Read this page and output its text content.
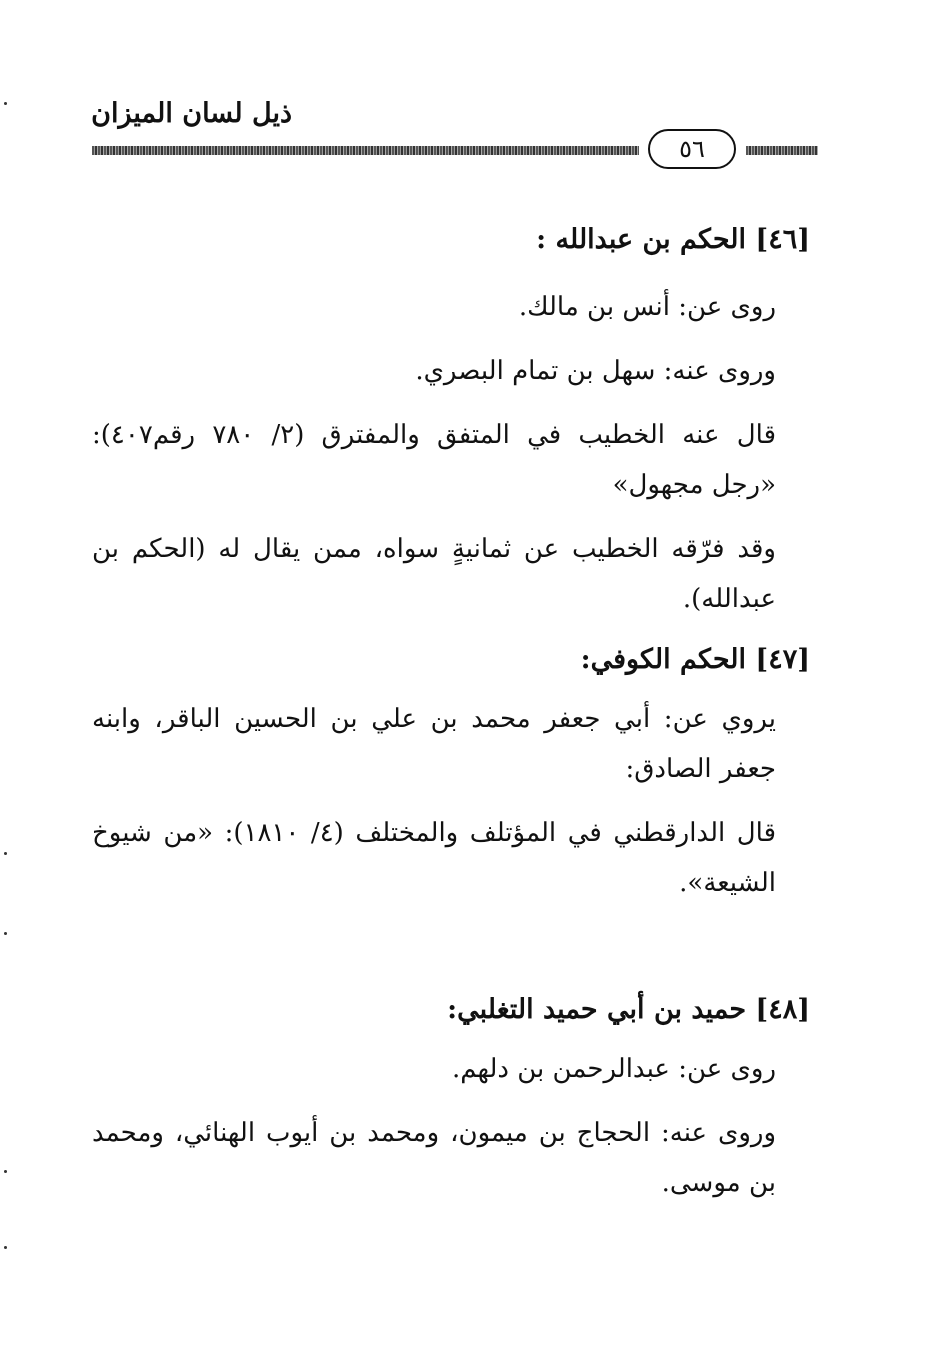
ذيل لسان الميزان
٥٦
[٤٦] الحكم بن عبدالله :
روى عن: أنس بن مالك.
وروى عنه: سهل بن تمام البصري.
قال عنه الخطيب في المتفق والمفترق (٢/ ٧٨٠ رقم٤٠٧): «رجل مجهول»
وقد فرّقه الخطيب عن ثمانيةٍ سواه، ممن يقال له (الحكم بن عبدالله).
[٤٧] الحكم الكوفي:
يروي عن: أبي جعفر محمد بن علي بن الحسين الباقر، وابنه جعفر الصادق:
قال الدارقطني في المؤتلف والمختلف (٤/ ١٨١٠): «من شيوخ الشيعة».
[٤٨] حميد بن أبي حميد التغلبي:
روى عن: عبدالرحمن بن دلهم.
وروى عنه: الحجاج بن ميمون، ومحمد بن أيوب الهنائي، ومحمد بن موسى.
